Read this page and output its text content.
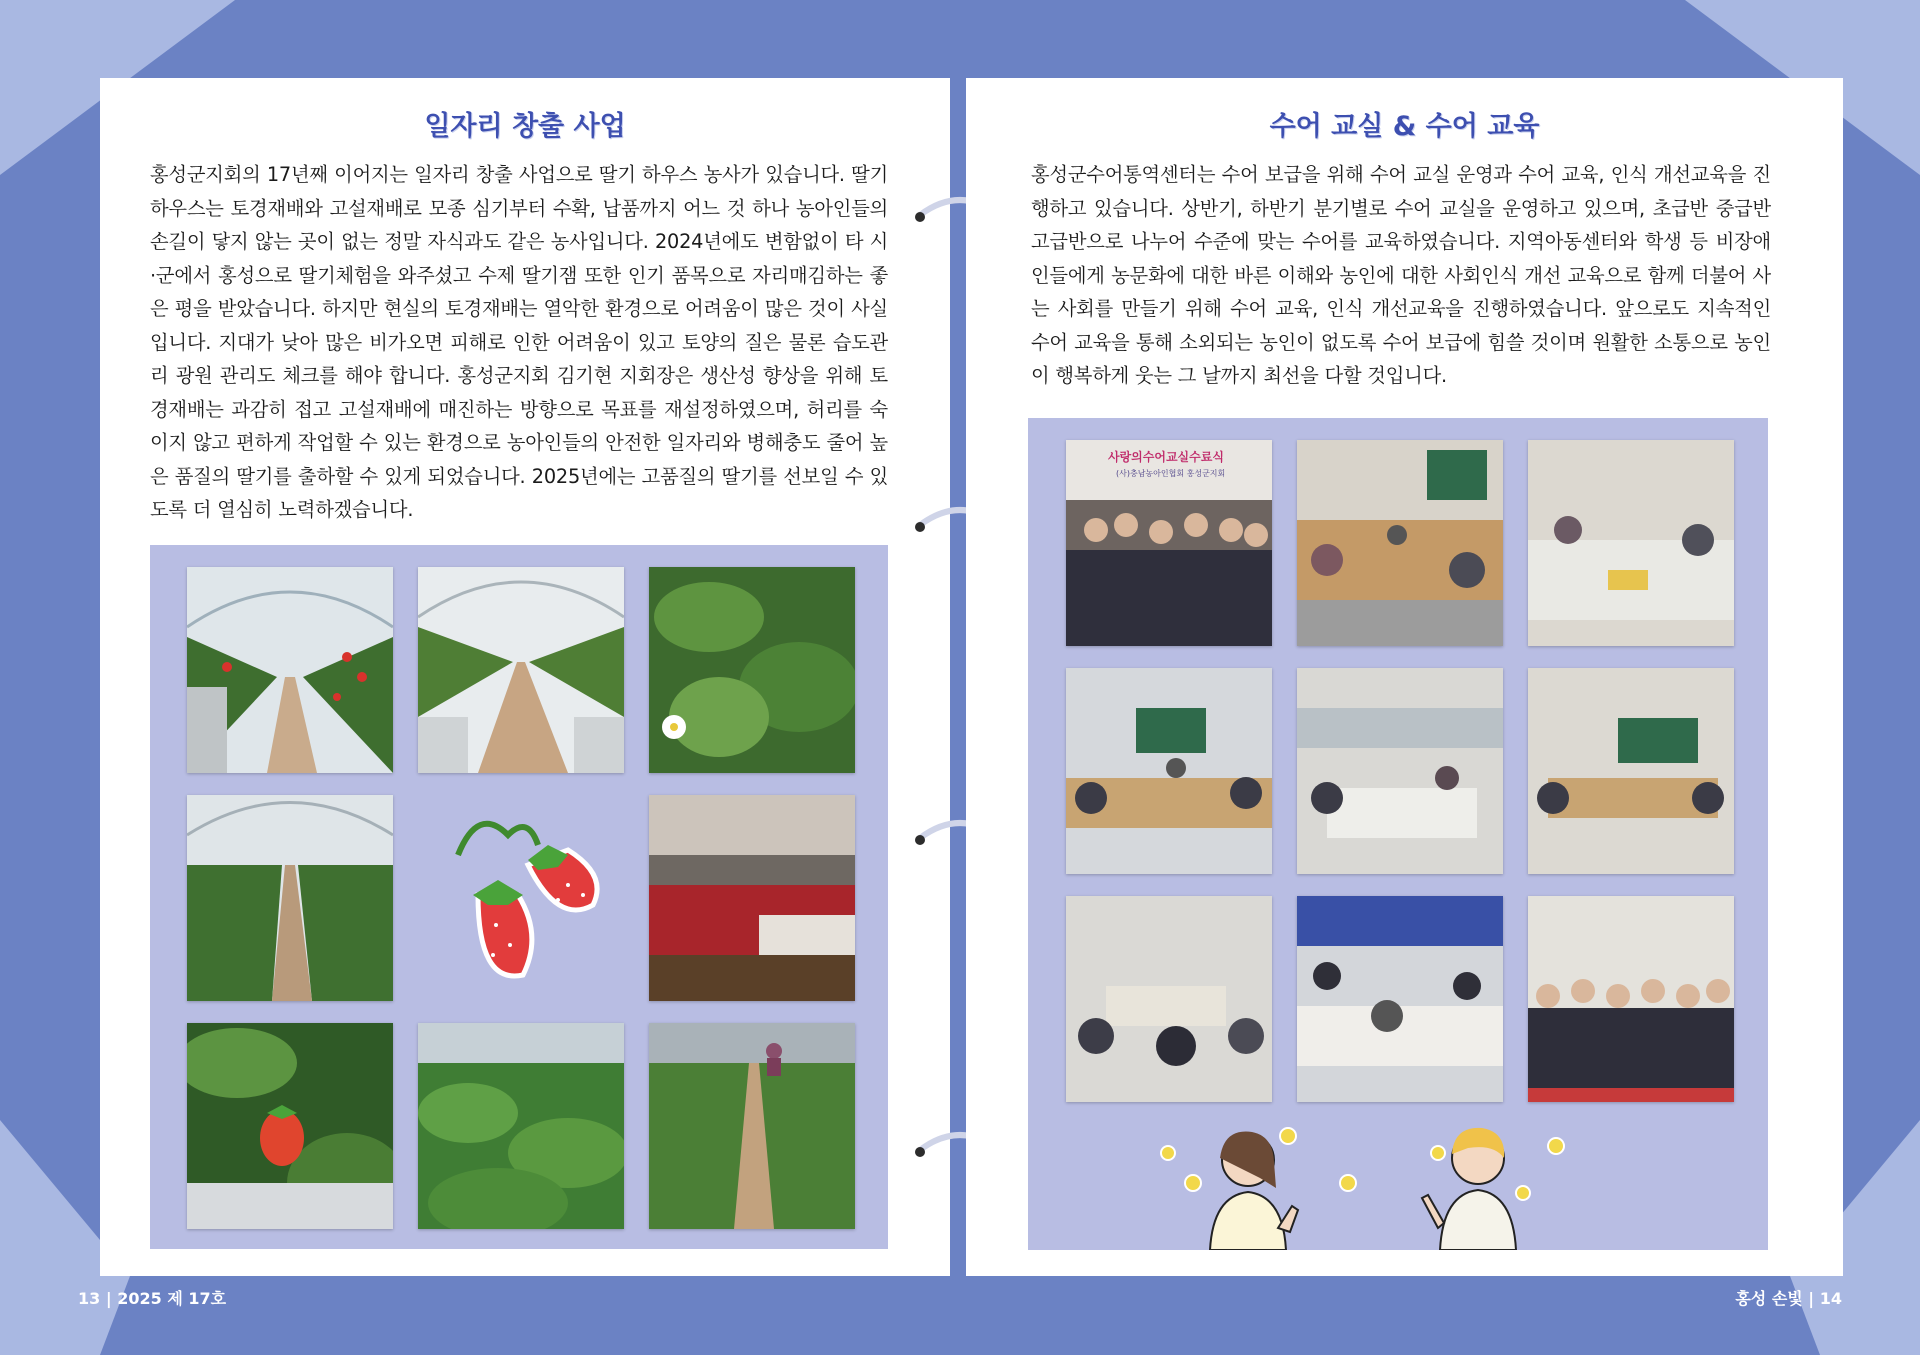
일자리 창출 사업
홍성군지회의 17년째 이어지는 일자리 창출 사업으로 딸기 하우스 농사가 있습니다. 딸기 하우스는 토경재배와 고설재배로 모종 심기부터 수확, 납품까지 어느 것 하나 농아인들의 손길이 닿지 않는 곳이 없는 정말 자식과도 같은 농사입니다. 2024년에도 변함없이 타 시·군에서 홍성으로 딸기체험을 와주셨고 수제 딸기잼 또한 인기 품목으로 자리매김하는 좋은 평을 받았습니다. 하지만 현실의 토경재배는 열악한 환경으로 어려움이 많은 것이 사실입니다. 지대가 낮아 많은 비가오면 피해로 인한 어려움이 있고 토양의 질은 물론 습도관리 광원 관리도 체크를 해야 합니다. 홍성군지회 김기현 지회장은 생산성 향상을 위해 토경재배는 과감히 접고 고설재배에 매진하는 방향으로 목표를 재설정하였으며, 허리를 숙이지 않고 편하게 작업할 수 있는 환경으로 농아인들의 안전한 일자리와 병해충도 줄어 높은 품질의 딸기를 출하할 수 있게 되었습니다. 2025년에는 고품질의 딸기를 선보일 수 있도록 더 열심히 노력하겠습니다.
수어 교실 & 수어 교육
홍성군수어통역센터는 수어 보급을 위해 수어 교실 운영과 수어 교육, 인식 개선교육을 진행하고 있습니다. 상반기, 하반기 분기별로 수어 교실을 운영하고 있으며, 초급반 중급반 고급반으로 나누어 수준에 맞는 수어를 교육하였습니다. 지역아동센터와 학생 등 비장애인들에게 농문화에 대한 바른 이해와 농인에 대한 사회인식 개선 교육으로 함께 더불어 사는 사회를 만들기 위해 수어 교육, 인식 개선교육을 진행하였습니다. 앞으로도 지속적인 수어 교육을 통해 소외되는 농인이 없도록 수어 보급에 힘쓸 것이며 원활한 소통으로 농인이 행복하게 웃는 그 날까지 최선을 다할 것입니다.
사랑의수어교실수료식
(사)충남농아인협회 홍성군지회
13 | 2025 제 17호	홍성 손빛 | 14
